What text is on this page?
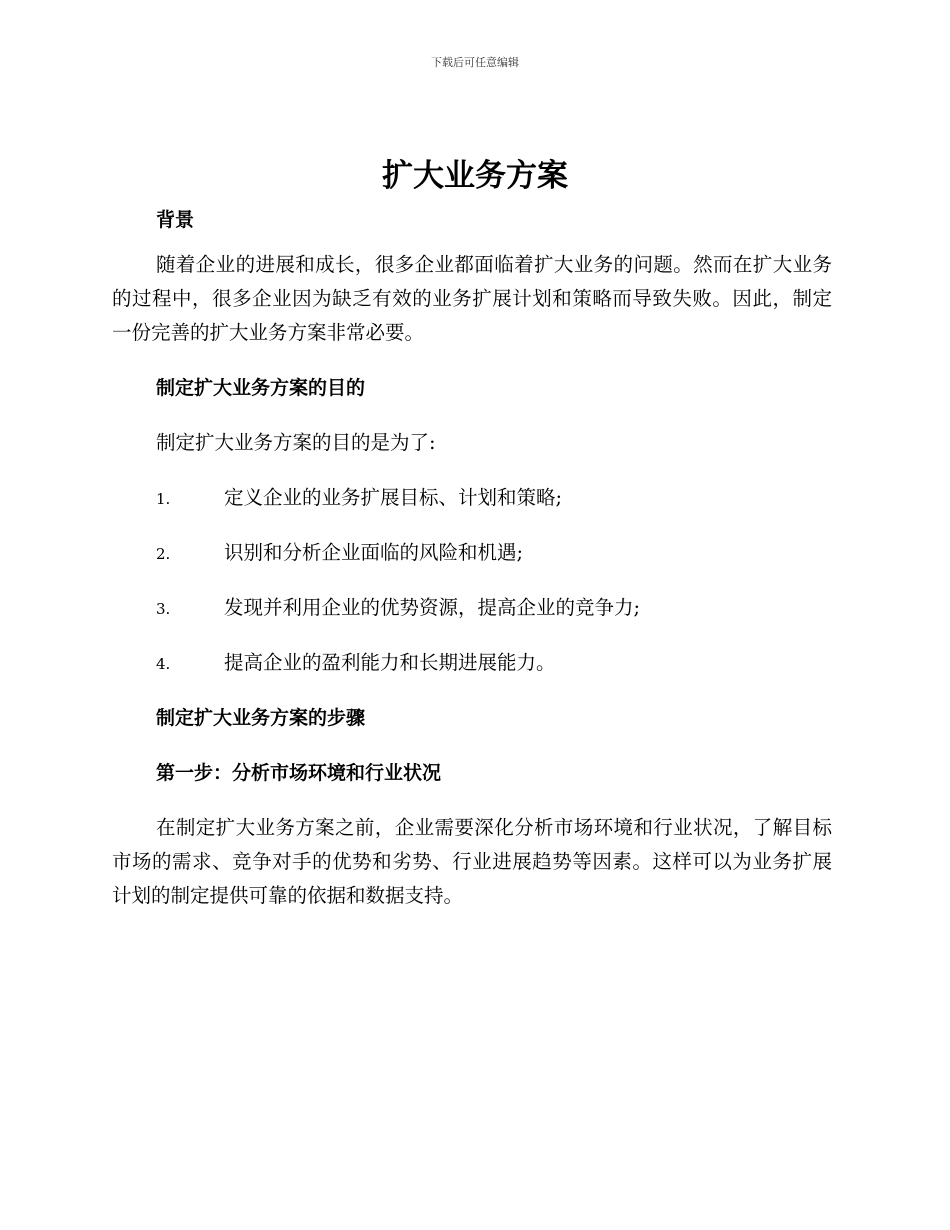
下载后可任意编辑
扩大业务方案

背景

随着企业的进展和成长，很多企业都面临着扩大业务的问题。然而在扩大业务的过程中，很多企业因为缺乏有效的业务扩展计划和策略而导致失败。因此，制定一份完善的扩大业务方案非常必要。

制定扩大业务方案的目的

制定扩大业务方案的目的是为了:

1.	定义企业的业务扩展目标、计划和策略;
2.	识别和分析企业面临的风险和机遇;
3.	发现并利用企业的优势资源，提高企业的竞争力;
4.	提高企业的盈利能力和长期进展能力。

制定扩大业务方案的步骤

第一步：分析市场环境和行业状况

在制定扩大业务方案之前，企业需要深化分析市场环境和行业状况，了解目标市场的需求、竞争对手的优势和劣势、行业进展趋势等因素。这样可以为业务扩展计划的制定提供可靠的依据和数据支持。
